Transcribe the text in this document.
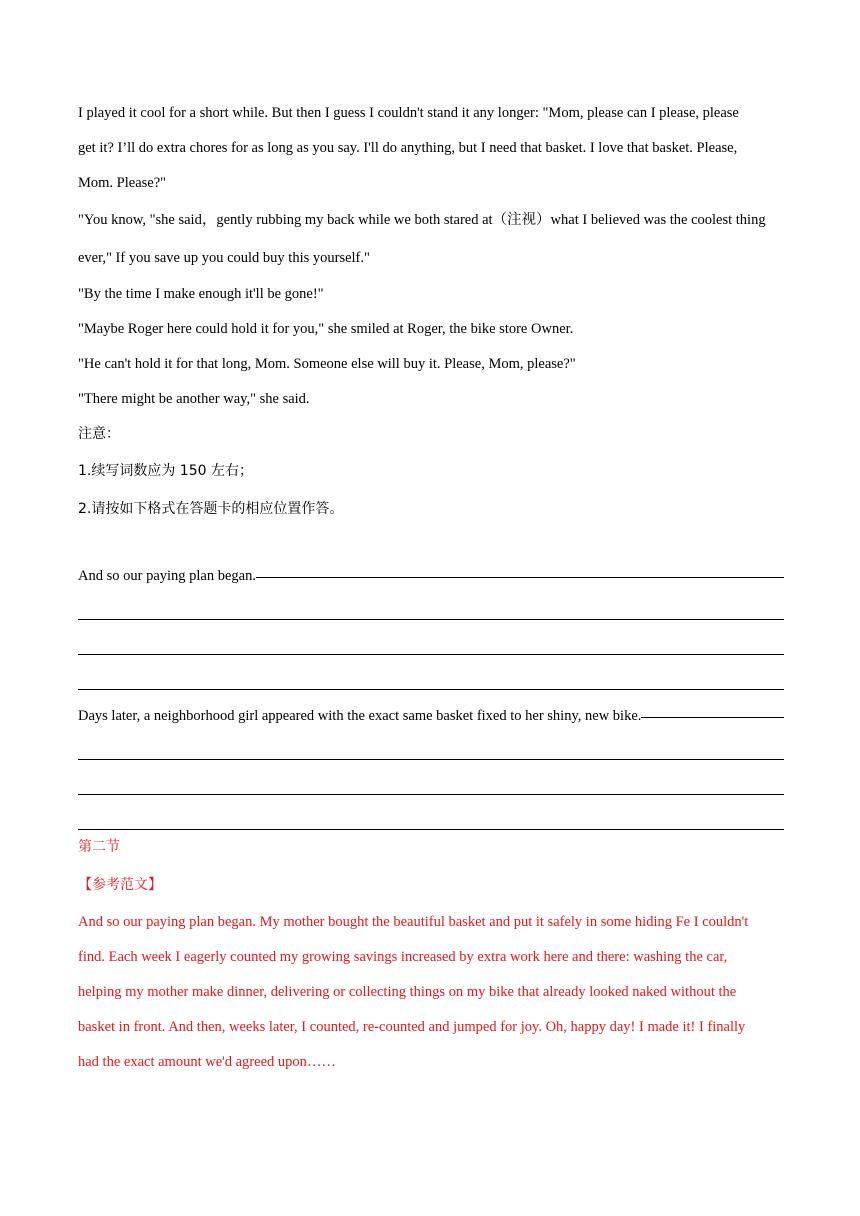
I played it cool for a short while. But then I guess I couldn't stand it any longer: "Mom, please can I please, please
get it? I’ll do extra chores for as long as you say. I'll do anything, but I need that basket. I love that basket. Please,
Mom. Please?"
"You know, "she said，gently rubbing my back while we both stared at（注视）what I believed was the coolest thing
ever," If you save up you could buy this yourself."
"By the time I make enough it'll be gone!"
"Maybe Roger here could hold it for you," she smiled at Roger, the bike store Owner.
"He can't hold it for that long, Mom. Someone else will buy it. Please, Mom, please?"
"There might be another way," she said.
注意：
1.续写词数应为 150 左右；
2.请按如下格式在答题卡的相应位置作答。
And so our paying plan began.
Days later, a neighborhood girl appeared with the exact same basket fixed to her shiny, new bike.
第二节
【参考范文】
And so our paying plan began. My mother bought the beautiful basket and put it safely in some hiding Fe I couldn't
find. Each week I eagerly counted my growing savings increased by extra work here and there: washing the car,
helping my mother make dinner, delivering or collecting things on my bike that already looked naked without the
basket in front. And then, weeks later, I counted, re-counted and jumped for joy. Oh, happy day! I made it! I finally
had the exact amount we'd agreed upon……
